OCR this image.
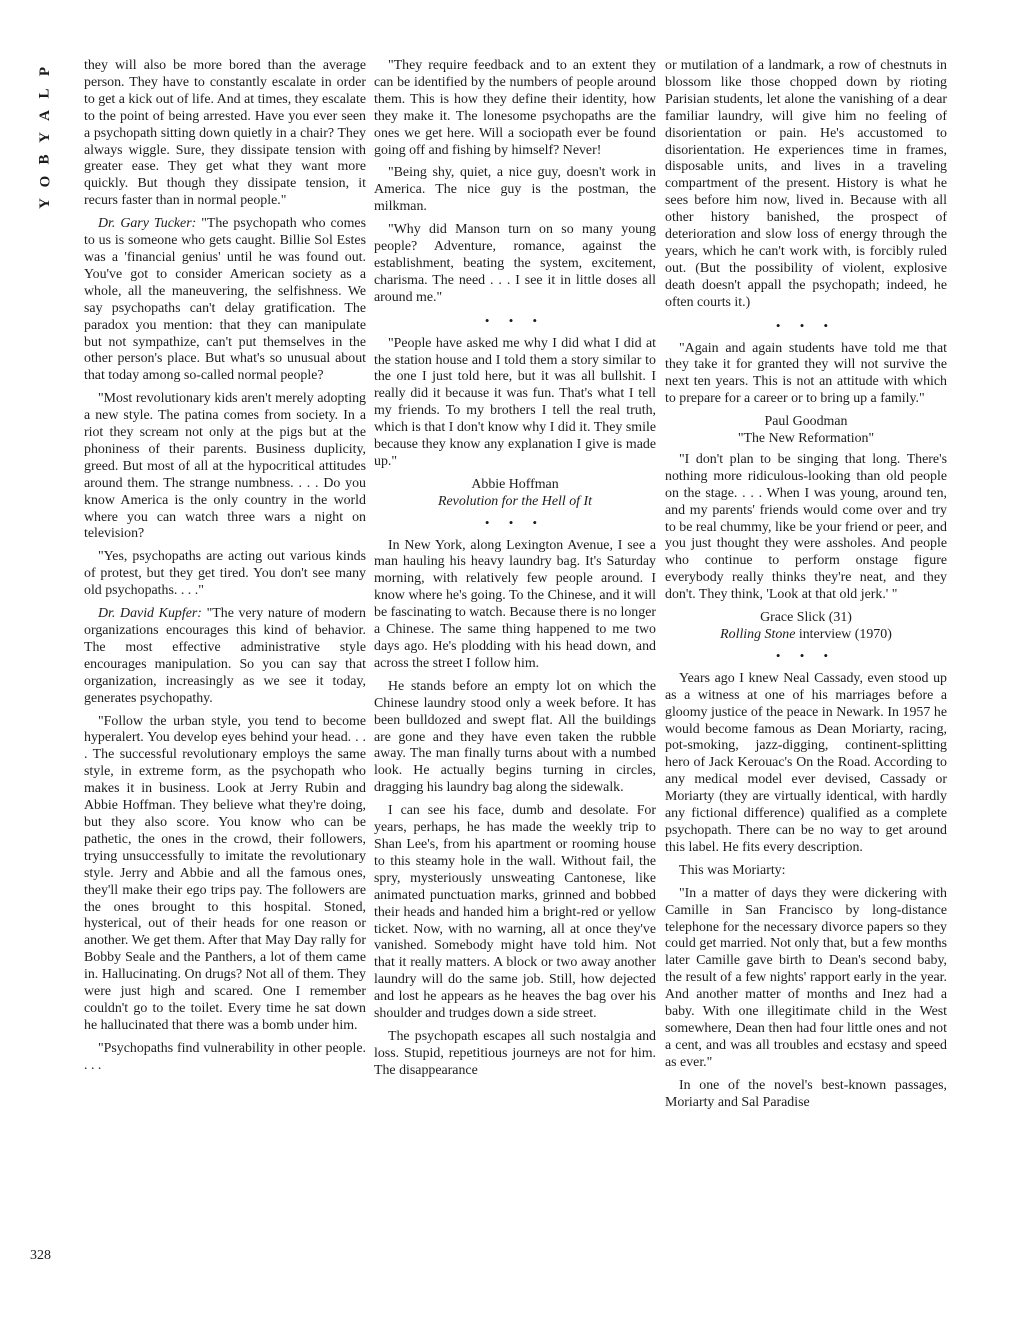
P
L
A
Y
B
O
Y
328

they will also be more bored than the average person. They have to constantly escalate in order to get a kick out of life. And at times, they escalate to the point of being arrested. Have you ever seen a psychopath sitting down quietly in a chair? They always wiggle. Sure, they dissipate tension with greater ease. They get what they want more quickly. But though they dissipate tension, it recurs faster than in normal people."

Dr. Gary Tucker: "The psychopath who comes to us is someone who gets caught. Billie Sol Estes was a 'financial genius' until he was found out. You've got to consider American society as a whole, all the maneuvering, the selfishness. We say psychopaths can't delay gratification. The paradox you mention: that they can manipulate but not sympathize, can't put themselves in the other person's place. But what's so unusual about that today among so-called normal people?

"Most revolutionary kids aren't merely adopting a new style. The patina comes from society. In a riot they scream not only at the pigs but at the phoniness of their parents. Business duplicity, greed. But most of all at the hypocritical attitudes around them. The strange numbness. . . . Do you know America is the only country in the world where you can watch three wars a night on television?

"Yes, psychopaths are acting out various kinds of protest, but they get tired. You don't see many old psychopaths. . . ."

Dr. David Kupfer: "The very nature of modern organizations encourages this kind of behavior. The most effective administrative style encourages manipulation. So you can say that organization, increasingly as we see it today, generates psychopathy.

"Follow the urban style, you tend to become hyperalert. You develop eyes behind your head. . . . The successful revolutionary employs the same style, in extreme form, as the psychopath who makes it in business. Look at Jerry Rubin and Abbie Hoffman. They believe what they're doing, but they also score. You know who can be pathetic, the ones in the crowd, their followers, trying unsuccessfully to imitate the revolutionary style. Jerry and Abbie and all the famous ones, they'll make their ego trips pay. The followers are the ones brought to this hospital. Stoned, hysterical, out of their heads for one reason or another. We get them. After that May Day rally for Bobby Seale and the Panthers, a lot of them came in. Hallucinating. On drugs? Not all of them. They were just high and scared. One I remember couldn't go to the toilet. Every time he sat down he hallucinated that there was a bomb under him.

"Psychopaths find vulnerability in other people. . . .

"They require feedback and to an extent they can be identified by the numbers of people around them. This is how they define their identity, how they make it. The lonesome psychopaths are the ones we get here. Will a sociopath ever be found going off and fishing by himself? Never!

"Being shy, quiet, a nice guy, doesn't work in America. The nice guy is the postman, the milkman.

"Why did Manson turn on so many young people? Adventure, romance, against the establishment, beating the system, excitement, charisma. The need . . . I see it in little doses all around me."

• • •

"People have asked me why I did what I did at the station house and I told them a story similar to the one I just told here, but it was all bullshit. I really did it because it was fun. That's what I tell my friends. To my brothers I tell the real truth, which is that I don't know why I did it. They smile because they know any explanation I give is made up."

Abbie Hoffman

Revolution for the Hell of It

• • •

In New York, along Lexington Avenue, I see a man hauling his heavy laundry bag. It's Saturday morning, with relatively few people around. I know where he's going. To the Chinese, and it will be fascinating to watch. Because there is no longer a Chinese. The same thing happened to me two days ago. He's plodding with his head down, and across the street I follow him.

He stands before an empty lot on which the Chinese laundry stood only a week before. It has been bulldozed and swept flat. All the buildings are gone and they have even taken the rubble away. The man finally turns about with a numbed look. He actually begins turning in circles, dragging his laundry bag along the sidewalk.

I can see his face, dumb and desolate. For years, perhaps, he has made the weekly trip to Shan Lee's, from his apartment or rooming house to this steamy hole in the wall. Without fail, the spry, mysteriously unsweating Cantonese, like animated punctuation marks, grinned and bobbed their heads and handed him a bright-red or yellow ticket. Now, with no warning, all at once they've vanished. Somebody might have told him. Not that it really matters. A block or two away another laundry will do the same job. Still, how dejected and lost he appears as he heaves the bag over his shoulder and trudges down a side street.

The psychopath escapes all such nostalgia and loss. Stupid, repetitious journeys are not for him. The disappearance

or mutilation of a landmark, a row of chestnuts in blossom like those chopped down by rioting Parisian students, let alone the vanishing of a dear familiar laundry, will give him no feeling of disorientation or pain. He's accustomed to disorientation. He experiences time in frames, disposable units, and lives in a traveling compartment of the present. History is what he sees before him now, lived in. Because with all other history banished, the prospect of deterioration and slow loss of energy through the years, which he can't work with, is forcibly ruled out. (But the possibility of violent, explosive death doesn't appall the psychopath; indeed, he often courts it.)

• • •

"Again and again students have told me that they take it for granted they will not survive the next ten years. This is not an attitude with which to prepare for a career or to bring up a family."

Paul Goodman

"The New Reformation"

"I don't plan to be singing that long. There's nothing more ridiculous-looking than old people on the stage. . . . When I was young, around ten, and my parents' friends would come over and try to be real chummy, like be your friend or peer, and you just thought they were assholes. And people who continue to perform onstage figure everybody really thinks they're neat, and they don't. They think, 'Look at that old jerk.' "

Grace Slick (31)

Rolling Stone interview (1970)

• • •

Years ago I knew Neal Cassady, even stood up as a witness at one of his marriages before a gloomy justice of the peace in Newark. In 1957 he would become famous as Dean Moriarty, racing, pot-smoking, jazz-digging, continent-splitting hero of Jack Kerouac's On the Road. According to any medical model ever devised, Cassady or Moriarty (they are virtually identical, with hardly any fictional difference) qualified as a complete psychopath. There can be no way to get around this label. He fits every description.

This was Moriarty:

"In a matter of days they were dickering with Camille in San Francisco by long-distance telephone for the necessary divorce papers so they could get married. Not only that, but a few months later Camille gave birth to Dean's second baby, the result of a few nights' rapport early in the year. And another matter of months and Inez had a baby. With one illegitimate child in the West somewhere, Dean then had four little ones and not a cent, and was all troubles and ecstasy and speed as ever."

In one of the novel's best-known passages, Moriarty and Sal Paradise
